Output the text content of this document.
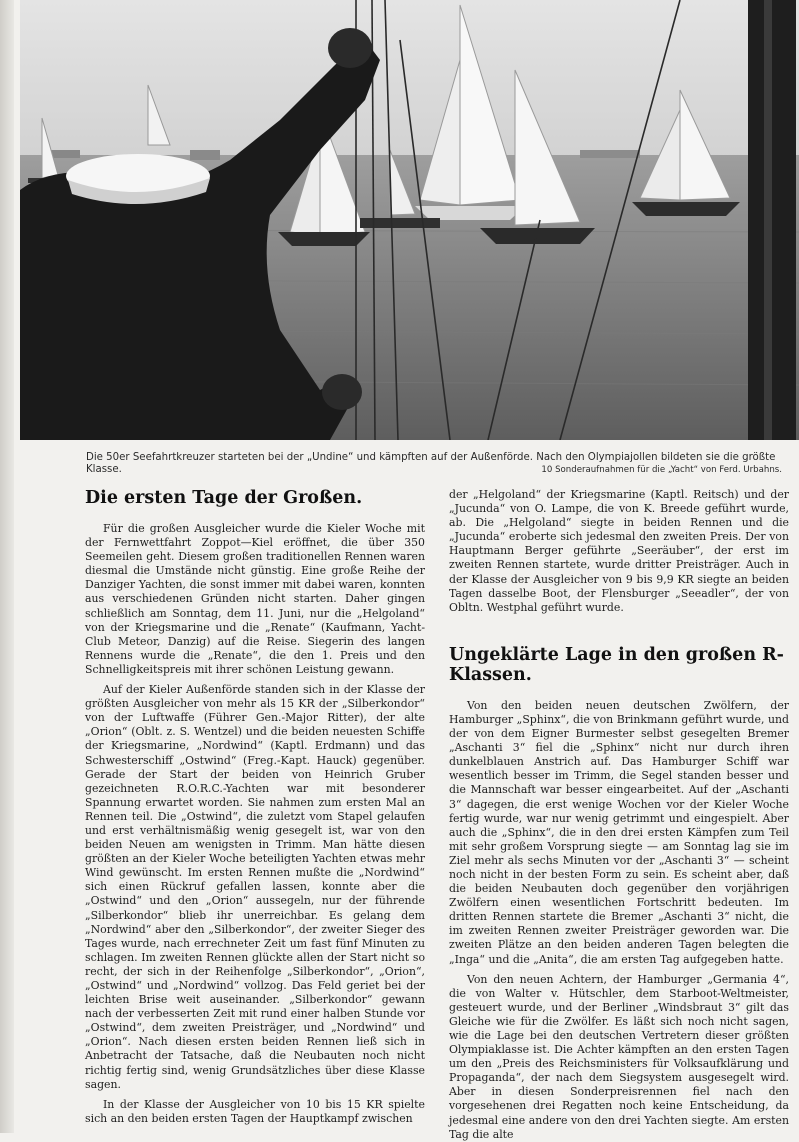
Die 50er Seefahrtkreuzer starteten bei der „Undine“ und kämpften auf der Außenförde. Nach den Olympiajollen bildeten sie die größte Klasse.	10 Sonderaufnahmen für die „Yacht“ von Ferd. Urbahns.
Die ersten Tage der Großen.

Für die großen Ausgleicher wurde die Kieler Woche mit der Fernwettfahrt Zoppot—Kiel eröffnet, die über 350 Seemeilen geht. Diesem großen traditionellen Rennen waren diesmal die Umstände nicht günstig. Eine große Reihe der Danziger Yachten, die sonst immer mit dabei waren, konnten aus verschiedenen Gründen nicht starten. Daher gingen schließlich am Sonntag, dem 11. Juni, nur die „Helgoland“ von der Kriegsmarine und die „Renate“ (Kaufmann, Yacht-Club Meteor, Danzig) auf die Reise. Siegerin des langen Rennens wurde die „Renate“, die den 1. Preis und den Schnelligkeitspreis mit ihrer schönen Leistung gewann.

Auf der Kieler Außenförde standen sich in der Klasse der größten Ausgleicher von mehr als 15 KR der „Silberkondor“ von der Luftwaffe (Führer Gen.-Major Ritter), der alte „Orion“ (Oblt. z. S. Wentzel) und die beiden neuesten Schiffe der Kriegsmarine, „Nordwind“ (Kaptl. Erdmann) und das Schwesterschiff „Ostwind“ (Freg.-Kapt. Hauck) gegenüber. Gerade der Start der beiden von Heinrich Gruber gezeichneten R.O.R.C.-Yachten war mit besonderer Spannung erwartet worden. Sie nahmen zum ersten Mal an Rennen teil. Die „Ostwind“, die zuletzt vom Stapel gelaufen und erst verhältnismäßig wenig gesegelt ist, war von den beiden Neuen am wenigsten in Trimm. Man hätte diesen größten an der Kieler Woche beteiligten Yachten etwas mehr Wind gewünscht. Im ersten Rennen mußte die „Nordwind“ sich einen Rückruf gefallen lassen, konnte aber die „Ostwind“ und den „Orion“ aussegeln, nur der führende „Silberkondor“ blieb ihr unerreichbar. Es gelang dem „Nordwind“ aber den „Silberkondor“, der zweiter Sieger des Tages wurde, nach errechneter Zeit um fast fünf Minuten zu schlagen. Im zweiten Rennen glückte allen der Start nicht so recht, der sich in der Reihenfolge „Silberkondor“, „Orion“, „Ostwind“ und „Nordwind“ vollzog. Das Feld geriet bei der leichten Brise weit auseinander. „Silberkondor“ gewann nach der verbesserten Zeit mit rund einer halben Stunde vor „Ostwind“, dem zweiten Preisträger, und „Nordwind“ und „Orion“. Nach diesen ersten beiden Rennen ließ sich in Anbetracht der Tatsache, daß die Neubauten noch nicht richtig fertig sind, wenig Grundsätzliches über diese Klasse sagen.

In der Klasse der Ausgleicher von 10 bis 15 KR spielte sich an den beiden ersten Tagen der Hauptkampf zwischen

der „Helgoland“ der Kriegsmarine (Kaptl. Reitsch) und der „Jucunda“ von O. Lampe, die von K. Breede geführt wurde, ab. Die „Helgoland“ siegte in beiden Rennen und die „Jucunda“ eroberte sich jedesmal den zweiten Preis. Der von Hauptmann Berger geführte „Seeräuber“, der erst im zweiten Rennen startete, wurde dritter Preisträger. Auch in der Klasse der Ausgleicher von 9 bis 9,9 KR siegte an beiden Tagen dasselbe Boot, der Flensburger „Seeadler“, der von Obltn. Westphal geführt wurde.

Ungeklärte Lage in den großen R-Klassen.

Von den beiden neuen deutschen Zwölfern, der Hamburger „Sphinx“, die von Brinkmann geführt wurde, und der von dem Eigner Burmester selbst gesegelten Bremer „Aschanti 3“ fiel die „Sphinx“ nicht nur durch ihren dunkelblauen Anstrich auf. Das Hamburger Schiff war wesentlich besser im Trimm, die Segel standen besser und die Mannschaft war besser eingearbeitet. Auf der „Aschanti 3“ dagegen, die erst wenige Wochen vor der Kieler Woche fertig wurde, war nur wenig getrimmt und eingespielt. Aber auch die „Sphinx“, die in den drei ersten Kämpfen zum Teil mit sehr großem Vorsprung siegte — am Sonntag lag sie im Ziel mehr als sechs Minuten vor der „Aschanti 3“ — scheint noch nicht in der besten Form zu sein. Es scheint aber, daß die beiden Neubauten doch gegenüber den vorjährigen Zwölfern einen wesentlichen Fortschritt bedeuten. Im dritten Rennen startete die Bremer „Aschanti 3“ nicht, die im zweiten Rennen zweiter Preisträger geworden war. Die zweiten Plätze an den beiden anderen Tagen belegten die „Inga“ und die „Anita“, die am ersten Tag aufgegeben hatte.

Von den neuen Achtern, der Hamburger „Germania 4“, die von Walter v. Hütschler, dem Starboot-Weltmeister, gesteuert wurde, und der Berliner „Windsbraut 3“ gilt das Gleiche wie für die Zwölfer. Es läßt sich noch nicht sagen, wie die Lage bei den deutschen Vertretern dieser größten Olympiaklasse ist. Die Achter kämpften an den ersten Tagen um den „Preis des Reichsministers für Volksaufklärung und Propaganda“, der nach dem Siegsystem ausgesegelt wird. Aber in diesen Sonderpreisrennen fiel nach den vorgesehenen drei Regatten noch keine Entscheidung, da jedesmal eine andere von den drei Yachten siegte. Am ersten Tag die alte
